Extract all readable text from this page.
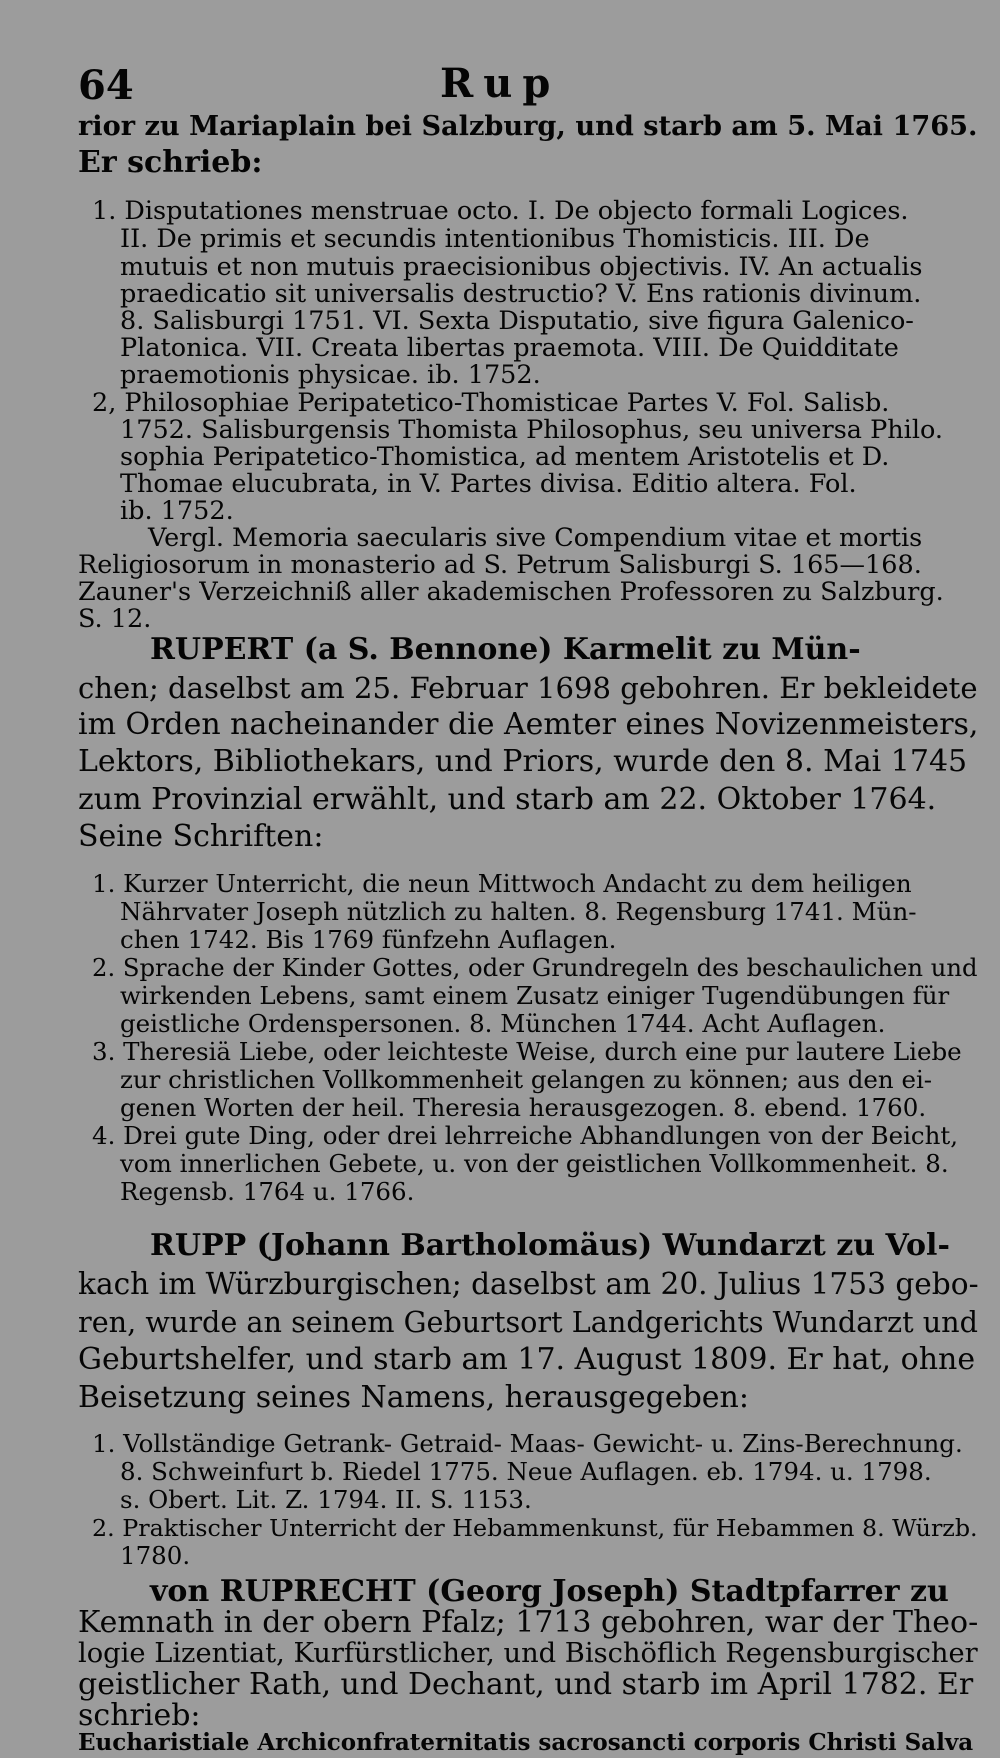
64	Rup
rior zu Mariaplain bei Salzburg, und starb am 5. Mai 1765.
Er schrieb:
1. Disputationes menstruae octo. I. De objecto formali Logices.
II. De primis et secundis intentionibus Thomisticis. III. De
mutuis et non mutuis praecisionibus objectivis. IV. An actualis
praedicatio sit universalis destructio? V. Ens rationis divinum.
8. Salisburgi 1751. VI. Sexta Disputatio, sive figura Galenico-
Platonica. VII. Creata libertas praemota. VIII. De Quidditate
praemotionis physicae. ib. 1752.
2, Philosophiae Peripatetico-Thomisticae Partes V. Fol. Salisb.
1752. Salisburgensis Thomista Philosophus, seu universa Philo.
sophia Peripatetico-Thomistica, ad mentem Aristotelis et D.
Thomae elucubrata, in V. Partes divisa. Editio altera. Fol.
ib. 1752.
Vergl. Memoria saecularis sive Compendium vitae et mortis
Religiosorum in monasterio ad S. Petrum Salisburgi S. 165—168.
Zauner's Verzeichniß aller akademischen Professoren zu Salzburg.
S. 12.
RUPERT (a S. Bennone) Karmelit zu Mün-
chen; daselbst am 25. Februar 1698 gebohren. Er bekleidete
im Orden nacheinander die Aemter eines Novizenmeisters,
Lektors, Bibliothekars, und Priors, wurde den 8. Mai 1745
zum Provinzial erwählt, und starb am 22. Oktober 1764.
Seine Schriften:
1. Kurzer Unterricht, die neun Mittwoch Andacht zu dem heiligen
Nährvater Joseph nützlich zu halten. 8. Regensburg 1741. Mün-
chen 1742. Bis 1769 fünfzehn Auflagen.
2. Sprache der Kinder Gottes, oder Grundregeln des beschaulichen und
wirkenden Lebens, samt einem Zusatz einiger Tugendübungen für
geistliche Ordenspersonen. 8. München 1744. Acht Auflagen.
3. Theresiä Liebe, oder leichteste Weise, durch eine pur lautere Liebe
zur christlichen Vollkommenheit gelangen zu können; aus den ei-
genen Worten der heil. Theresia herausgezogen. 8. ebend. 1760.
4. Drei gute Ding, oder drei lehrreiche Abhandlungen von der Beicht,
vom innerlichen Gebete, u. von der geistlichen Vollkommenheit. 8.
Regensb. 1764 u. 1766.
RUPP (Johann Bartholomäus) Wundarzt zu Vol-
kach im Würzburgischen; daselbst am 20. Julius 1753 gebo-
ren, wurde an seinem Geburtsort Landgerichts Wundarzt und
Geburtshelfer, und starb am 17. August 1809. Er hat, ohne
Beisetzung seines Namens, herausgegeben:
1. Vollständige Getrank- Getraid- Maas- Gewicht- u. Zins-Berechnung.
8. Schweinfurt b. Riedel 1775. Neue Auflagen. eb. 1794. u. 1798.
s. Obert. Lit. Z. 1794. II. S. 1153.
2. Praktischer Unterricht der Hebammenkunst, für Hebammen 8. Würzb.
1780.
von RUPRECHT (Georg Joseph) Stadtpfarrer zu
Kemnath in der obern Pfalz; 1713 gebohren, war der Theo-
logie Lizentiat, Kurfürstlicher, und Bischöflich Regensburgischer
geistlicher Rath, und Dechant, und starb im April 1782. Er
schrieb:
Eucharistiale Archiconfraternitatis sacrosancti corporis Christi Salva
